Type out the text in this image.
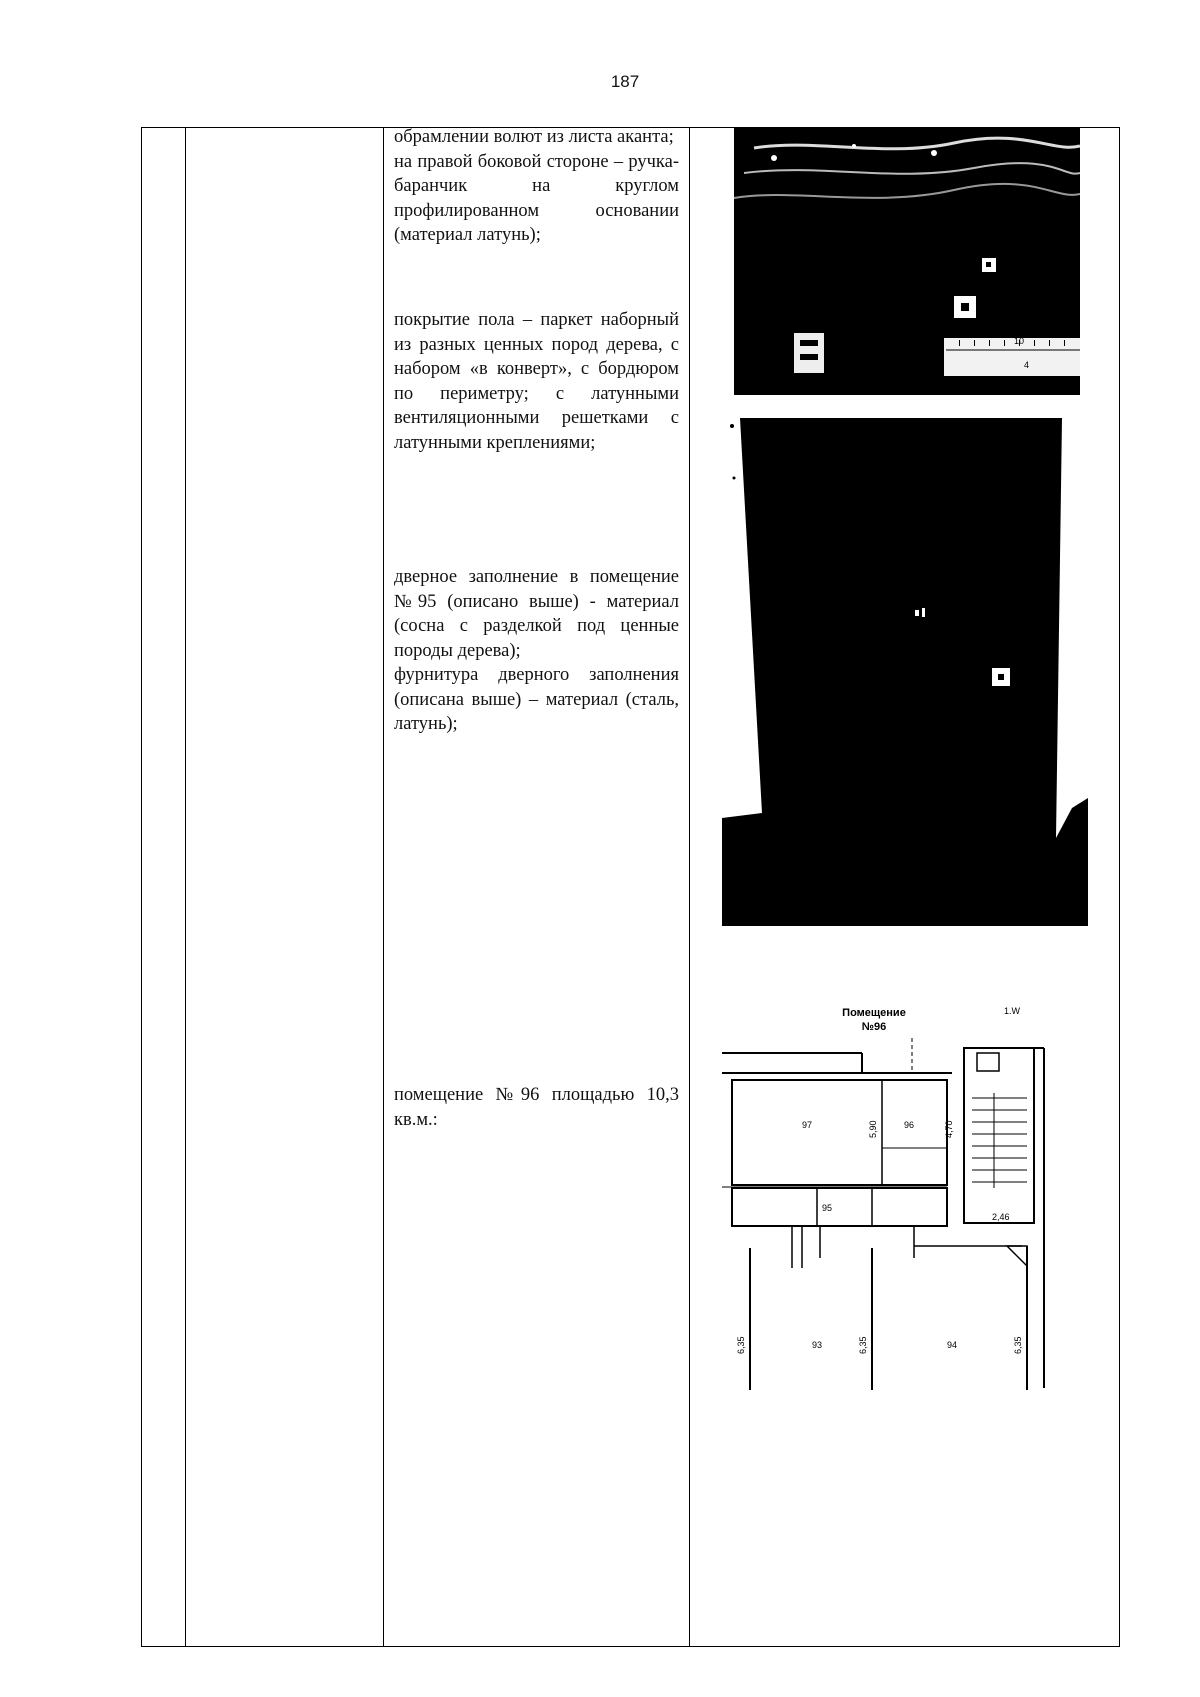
187

обрамлении волют из листа аканта;

на правой боковой стороне – ручка-баранчик на круглом профилированном основании (материал латунь);

покрытие пола – паркет наборный из разных ценных пород дерева, с набором «в конверт», с бордюром по периметру; с латунными вентиляционными решетками с латунными креплениями;

дверное заполнение в помещение №95 (описано выше) - материал (сосна с разделкой под ценные породы дерева);

фурнитура дверного заполнения (описана выше) – материал (сталь, латунь);

помещение №96 площадью 10,3 кв.м.:

10
4
Помещение
№96
1.W
97	96
95
94
93
5,90	4,70
2,46
6,35	6,35	6,35
